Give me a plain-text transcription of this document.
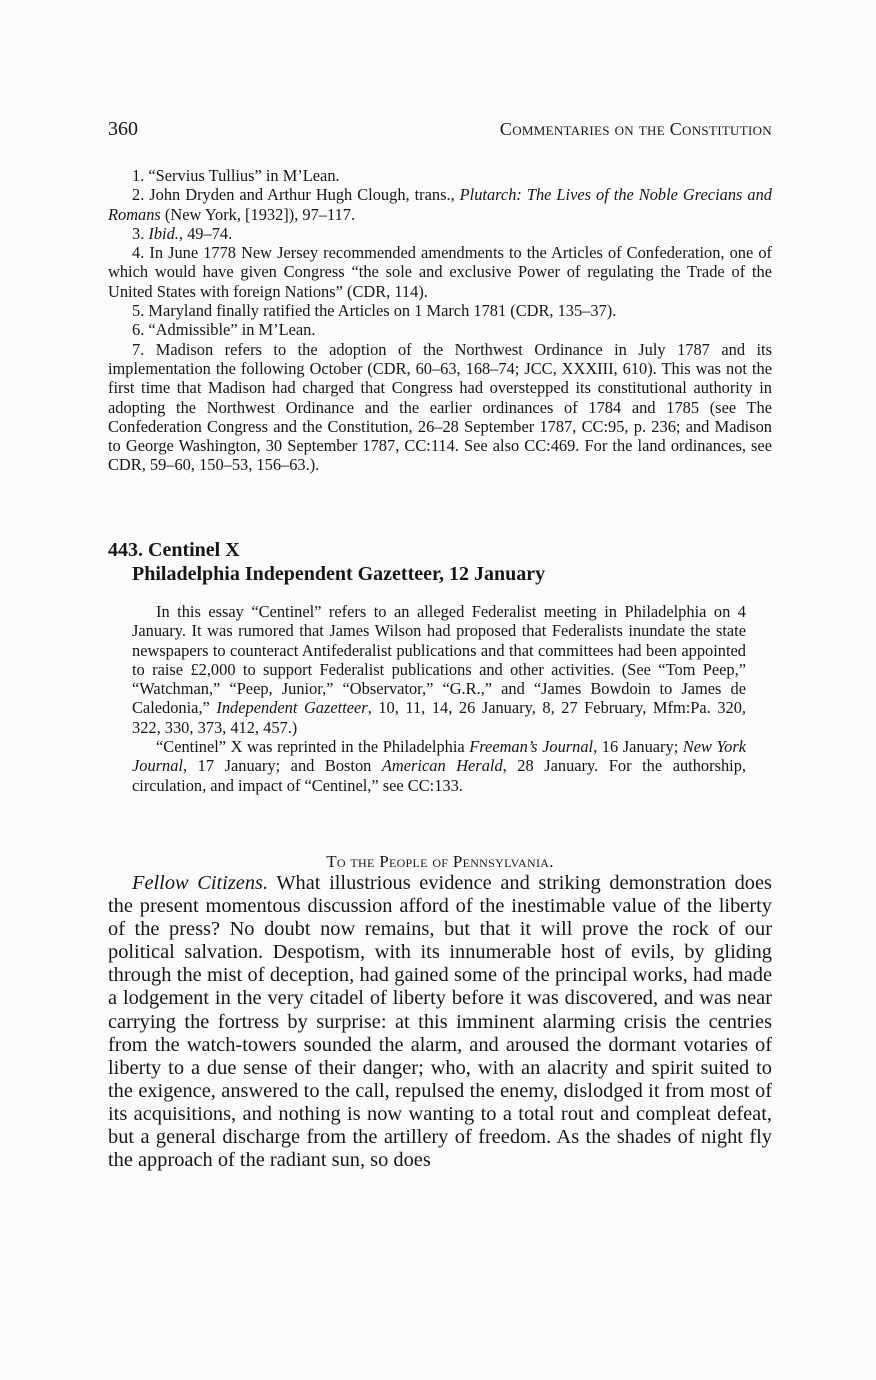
360	Commentaries on the Constitution

1. “Servius Tullius” in M’Lean.

2. John Dryden and Arthur Hugh Clough, trans., Plutarch: The Lives of the Noble Grecians and Romans (New York, [1932]), 97–117.

3. Ibid., 49–74.

4. In June 1778 New Jersey recommended amendments to the Articles of Confederation, one of which would have given Congress “the sole and exclusive Power of regulating the Trade of the United States with foreign Nations” (CDR, 114).

5. Maryland finally ratified the Articles on 1 March 1781 (CDR, 135–37).

6. “Admissible” in M’Lean.

7. Madison refers to the adoption of the Northwest Ordinance in July 1787 and its implementation the following October (CDR, 60–63, 168–74; JCC, XXXIII, 610). This was not the first time that Madison had charged that Congress had overstepped its constitutional authority in adopting the Northwest Ordinance and the earlier ordinances of 1784 and 1785 (see The Confederation Congress and the Constitution, 26–28 September 1787, CC:95, p. 236; and Madison to George Washington, 30 September 1787, CC:114. See also CC:469. For the land ordinances, see CDR, 59–60, 150–53, 156–63.).

443. Centinel X
Philadelphia Independent Gazetteer, 12 January

In this essay “Centinel” refers to an alleged Federalist meeting in Philadelphia on 4 January. It was rumored that James Wilson had proposed that Federalists inundate the state newspapers to counteract Antifederalist publications and that committees had been appointed to raise £2,000 to support Federalist publications and other activities. (See “Tom Peep,” “Watchman,” “Peep, Junior,” “Observator,” “G.R.,” and “James Bowdoin to James de Caledonia,” Independent Gazetteer, 10, 11, 14, 26 January, 8, 27 February, Mfm:Pa. 320, 322, 330, 373, 412, 457.)

“Centinel” X was reprinted in the Philadelphia Freeman’s Journal, 16 January; New York Journal, 17 January; and Boston American Herald, 28 January. For the authorship, circulation, and impact of “Centinel,” see CC:133.

To the People of Pennsylvania.

Fellow Citizens. What illustrious evidence and striking demonstration does the present momentous discussion afford of the inestimable value of the liberty of the press? No doubt now remains, but that it will prove the rock of our political salvation. Despotism, with its innumerable host of evils, by gliding through the mist of deception, had gained some of the principal works, had made a lodgement in the very citadel of liberty before it was discovered, and was near carrying the fortress by surprise: at this imminent alarming crisis the centries from the watch-towers sounded the alarm, and aroused the dormant votaries of liberty to a due sense of their danger; who, with an alacrity and spirit suited to the exigence, answered to the call, repulsed the enemy, dislodged it from most of its acquisitions, and nothing is now wanting to a total rout and compleat defeat, but a general discharge from the artillery of freedom. As the shades of night fly the approach of the radiant sun, so does
